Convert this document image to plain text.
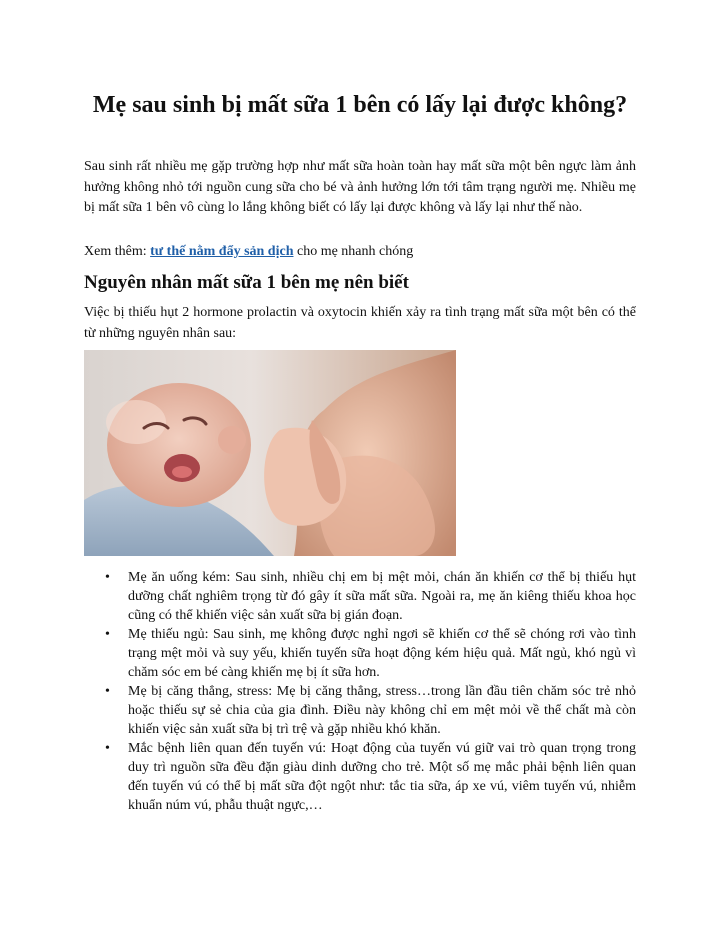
Mẹ sau sinh bị mất sữa 1 bên có lấy lại được không?

Sau sinh rất nhiều mẹ gặp trường hợp như mất sữa hoàn toàn hay mất sữa một bên ngực làm ảnh hưởng không nhỏ tới nguồn cung sữa cho bé và ảnh hưởng lớn tới tâm trạng người mẹ. Nhiều mẹ bị mất sữa 1 bên vô cùng lo lắng không biết có lấy lại được không và lấy lại như thế nào.

Xem thêm: tư thế nằm đẩy sản dịch cho mẹ nhanh chóng

Nguyên nhân mất sữa 1 bên mẹ nên biết

Việc bị thiếu hụt 2 hormone prolactin và oxytocin khiến xảy ra tình trạng mất sữa một bên có thể từ những nguyên nhân sau:

• Mẹ ăn uống kém: Sau sinh, nhiều chị em bị mệt mỏi, chán ăn khiến cơ thể bị thiếu hụt dưỡng chất nghiêm trọng từ đó gây ít sữa mất sữa. Ngoài ra, mẹ ăn kiêng thiếu khoa học cũng có thể khiến việc sản xuất sữa bị gián đoạn.
• Mẹ thiếu ngủ: Sau sinh, mẹ không được nghỉ ngơi sẽ khiến cơ thể sẽ chóng rơi vào tình trạng mệt mỏi và suy yếu, khiến tuyến sữa hoạt động kém hiệu quả. Mất ngủ, khó ngủ vì chăm sóc em bé càng khiến mẹ bị ít sữa hơn.
• Mẹ bị căng thẳng, stress: Mẹ bị căng thẳng, stress…trong lần đầu tiên chăm sóc trẻ nhỏ hoặc thiếu sự sẻ chia của gia đình. Điều này không chỉ em mệt mỏi về thể chất mà còn khiến việc sản xuất sữa bị trì trệ và gặp nhiều khó khăn.
• Mắc bệnh liên quan đến tuyến vú: Hoạt động của tuyến vú giữ vai trò quan trọng trong duy trì nguồn sữa đều đặn giàu dinh dưỡng cho trẻ. Một số mẹ mắc phải bệnh liên quan đến tuyến vú có thể bị mất sữa đột ngột như: tắc tia sữa, áp xe vú, viêm tuyến vú, nhiễm khuẩn núm vú, phẫu thuật ngực,…
